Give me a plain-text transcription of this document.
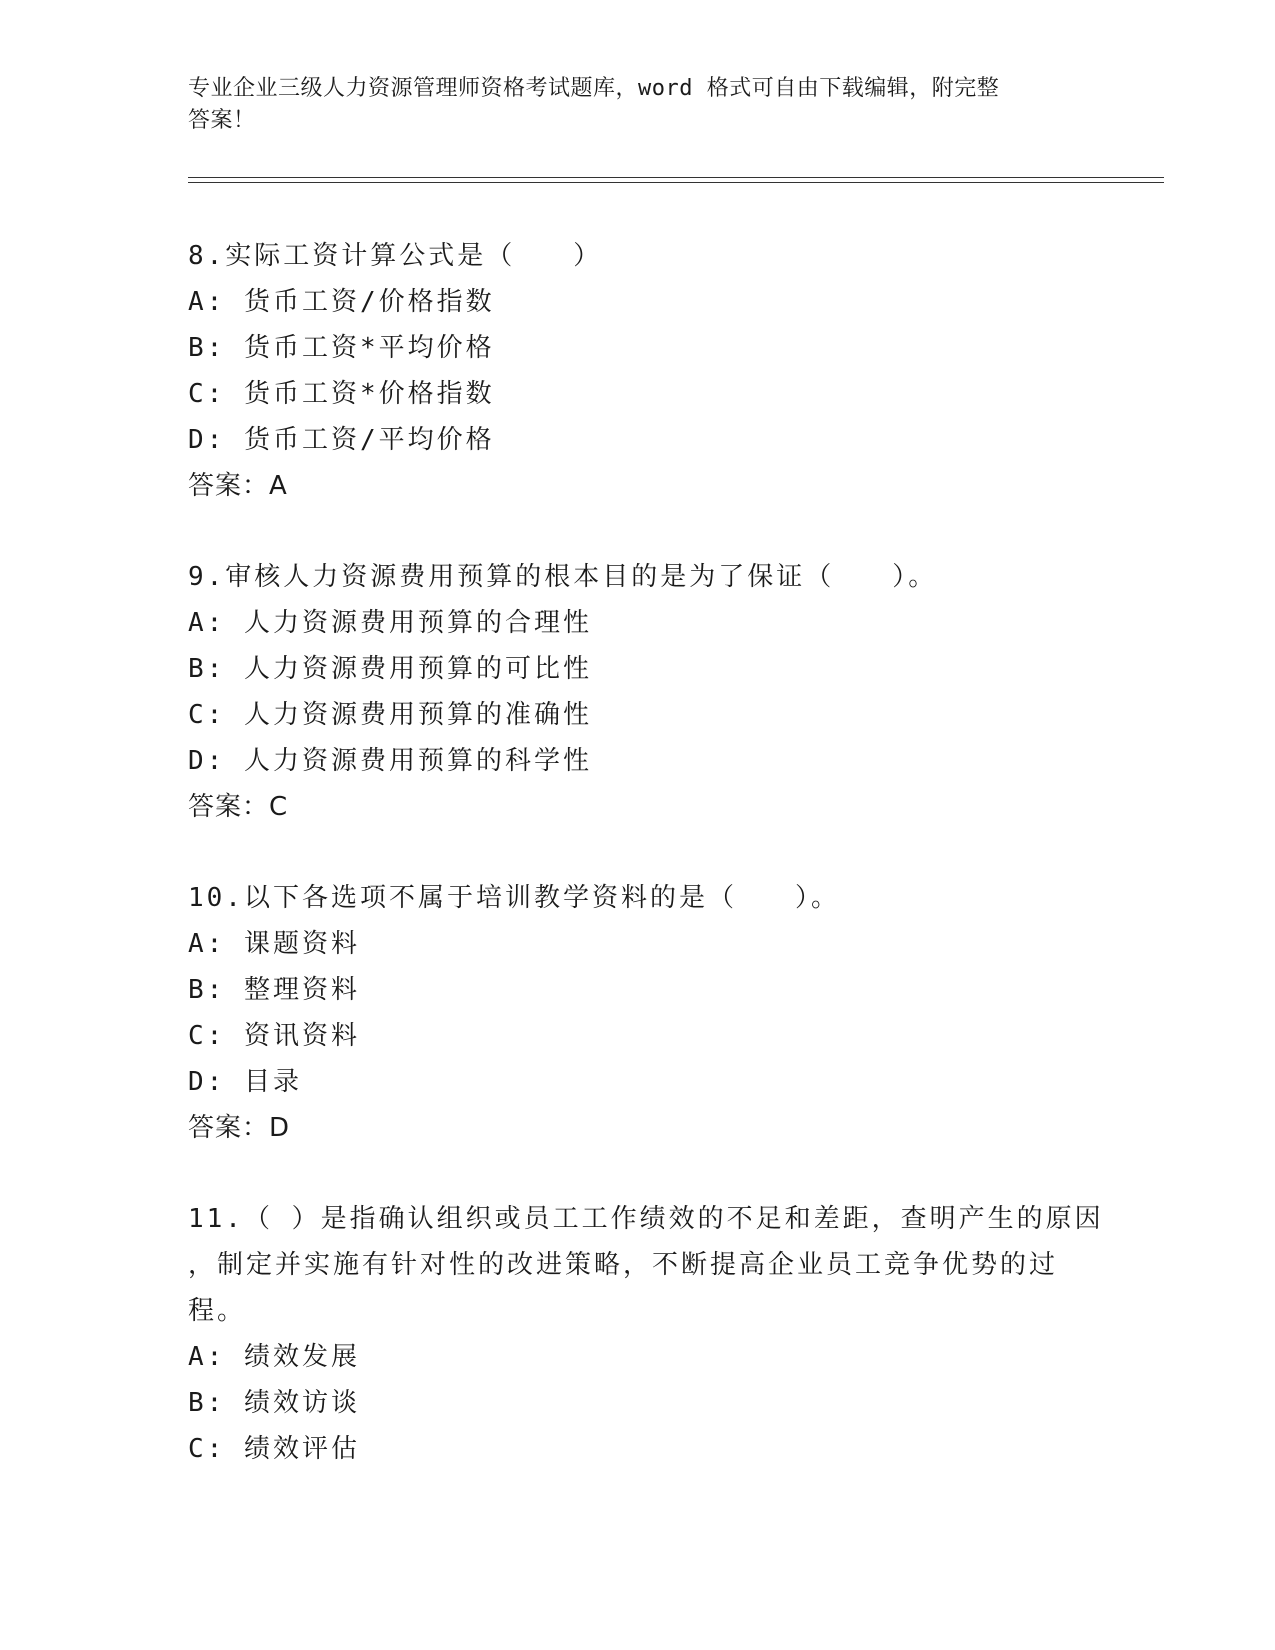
专业企业三级人力资源管理师资格考试题库，word 格式可自由下载编辑，附完整
答案！
8.实际工资计算公式是（　　）
A: 货币工资/价格指数
B: 货币工资*平均价格
C: 货币工资*价格指数
D: 货币工资/平均价格
答案：A
9.审核人力资源费用预算的根本目的是为了保证（　　）。
A: 人力资源费用预算的合理性
B: 人力资源费用预算的可比性
C: 人力资源费用预算的准确性
D: 人力资源费用预算的科学性
答案：C
10.以下各选项不属于培训教学资料的是（　　）。
A: 课题资料
B: 整理资料
C: 资讯资料
D: 目录
答案：D
11.（ ）是指确认组织或员工工作绩效的不足和差距，查明产生的原因
，制定并实施有针对性的改进策略，不断提高企业员工竞争优势的过
程。
A: 绩效发展
B: 绩效访谈
C: 绩效评估
